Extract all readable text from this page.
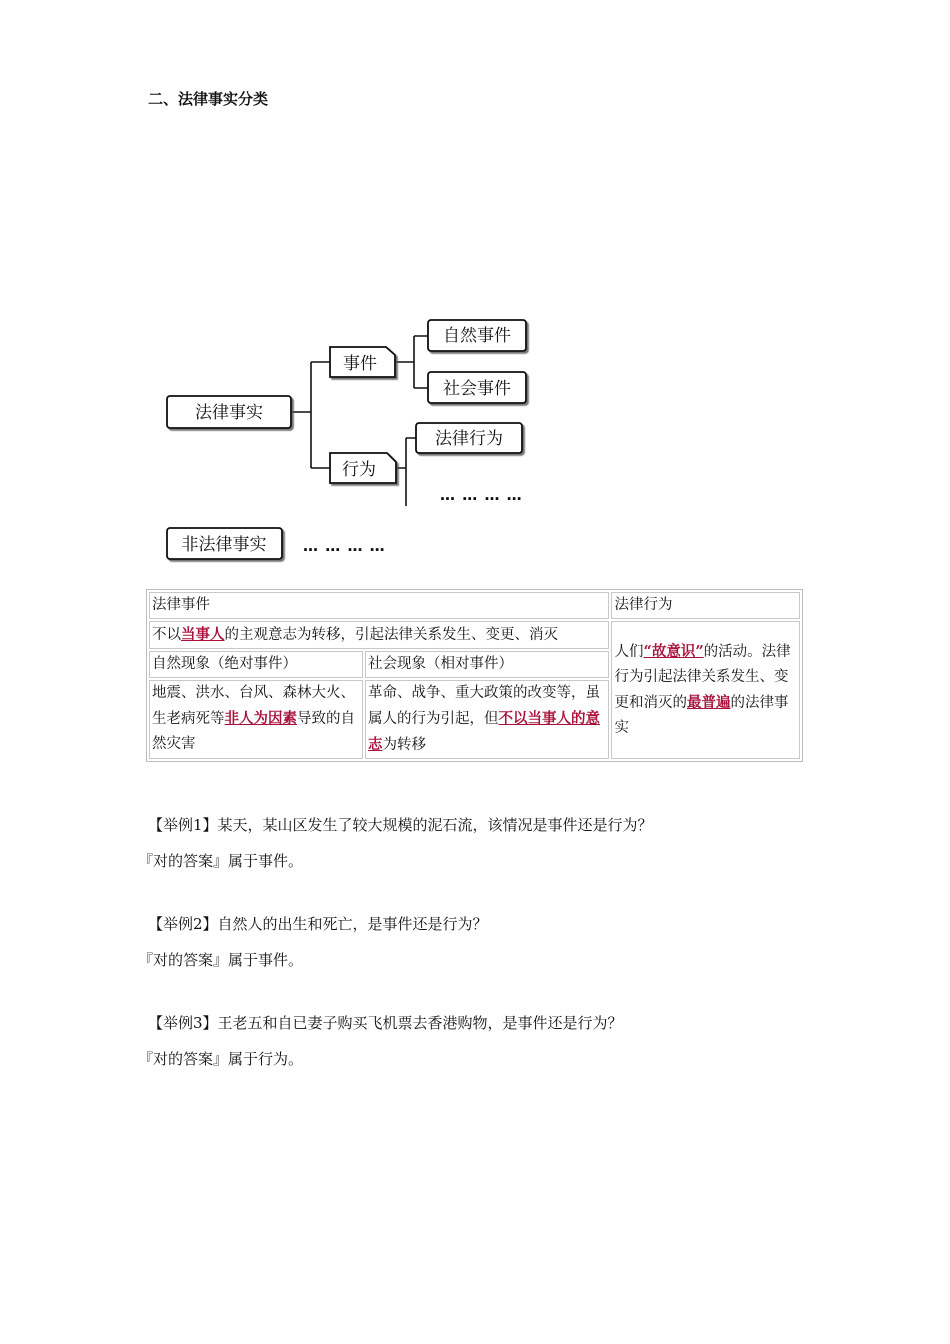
二、法律事实分类
法律事实
事件
自然事件
社会事件
行为
法律行为
… … … …
非法律事实 … … … …
法律事件		法律行为
不以当事人的主观意志为转移，引起法律关系发生、变更、消灭		人们“故意识”的活动。法律行为引起法律关系发生、变更和消灭的最普遍的法律事实
自然现象（绝对事件）	社会现象（相对事件）	
地震、洪水、台风、森林大火、生老病死等非人为因素导致的自然灾害	革命、战争、重大政策的改变等，虽属人的行为引起，但不以当事人的意志为转移	
【举例1】某天，某山区发生了较大规模的泥石流，该情况是事件还是行为？
『对的答案』属于事件。
【举例2】自然人的出生和死亡，是事件还是行为？
『对的答案』属于事件。
【举例3】王老五和自已妻子购买飞机票去香港购物，是事件还是行为？
『对的答案』属于行为。
